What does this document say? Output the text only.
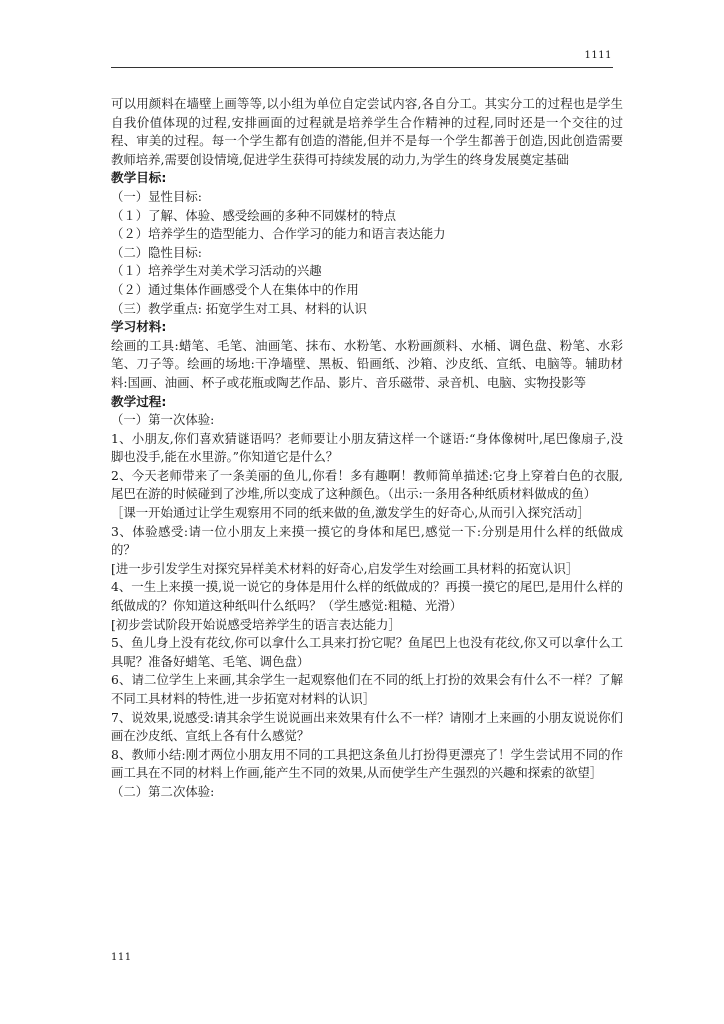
1111

可以用颜料在墙壁上画等等,以小组为单位自定尝试内容,各自分工。其实分工的过程也是学生自我价值体现的过程,安排画面的过程就是培养学生合作精神的过程,同时还是一个交往的过程、审美的过程。每一个学生都有创造的潜能,但并不是每一个学生都善于创造,因此创造需要教师培养,需要创设情境,促进学生获得可持续发展的动力,为学生的终身发展奠定基础

教学目标:

（一）显性目标:

（１）了解、体验、感受绘画的多种不同媒材的特点

（２）培养学生的造型能力、合作学习的能力和语言表达能力

（二）隐性目标:

（１）培养学生对美术学习活动的兴趣

（２）通过集体作画感受个人在集体中的作用

（三）教学重点: 拓宽学生对工具、材料的认识

学习材料:

绘画的工具:蜡笔、毛笔、油画笔、抹布、水粉笔、水粉画颜料、水桶、调色盘、粉笔、水彩笔、刀子等。绘画的场地:干净墙壁、黑板、铅画纸、沙箱、沙皮纸、宣纸、电脑等。辅助材料:国画、油画、杯子或花瓶或陶艺作品、影片、音乐磁带、录音机、电脑、实物投影等

教学过程:

（一）第一次体验:

1、小朋友,你们喜欢猜谜语吗？老师要让小朋友猜这样一个谜语:“身体像树叶,尾巴像扇子,没脚也没手,能在水里游。”你知道它是什么？

2、今天老师带来了一条美丽的鱼儿,你看！多有趣啊！教师简单描述:它身上穿着白色的衣服,尾巴在游的时候碰到了沙堆,所以变成了这种颜色。（出示:一条用各种纸质材料做成的鱼）

［课一开始通过让学生观察用不同的纸来做的鱼,激发学生的好奇心,从而引入探究活动］

3、体验感受:请一位小朋友上来摸一摸它的身体和尾巴,感觉一下:分别是用什么样的纸做成的？

[进一步引发学生对探究异样美术材料的好奇心,启发学生对绘画工具材料的拓宽认识］

4、一生上来摸一摸,说一说它的身体是用什么样的纸做成的？再摸一摸它的尾巴,是用什么样的纸做成的？你知道这种纸叫什么纸吗？（学生感觉:粗糙、光滑）

[初步尝试阶段开始说感受培养学生的语言表达能力］

5、鱼儿身上没有花纹,你可以拿什么工具来打扮它呢？鱼尾巴上也没有花纹,你又可以拿什么工具呢？准备好蜡笔、毛笔、调色盘）

6、请二位学生上来画,其余学生一起观察他们在不同的纸上打扮的效果会有什么不一样？了解不同工具材料的特性,进一步拓宽对材料的认识］

7、说效果,说感受:请其余学生说说画出来效果有什么不一样？请刚才上来画的小朋友说说你们画在沙皮纸、宣纸上各有什么感觉？

8、教师小结:刚才两位小朋友用不同的工具把这条鱼儿打扮得更漂亮了！学生尝试用不同的作画工具在不同的材料上作画,能产生不同的效果,从而使学生产生强烈的兴趣和探索的欲望］

（二）第二次体验:

111
